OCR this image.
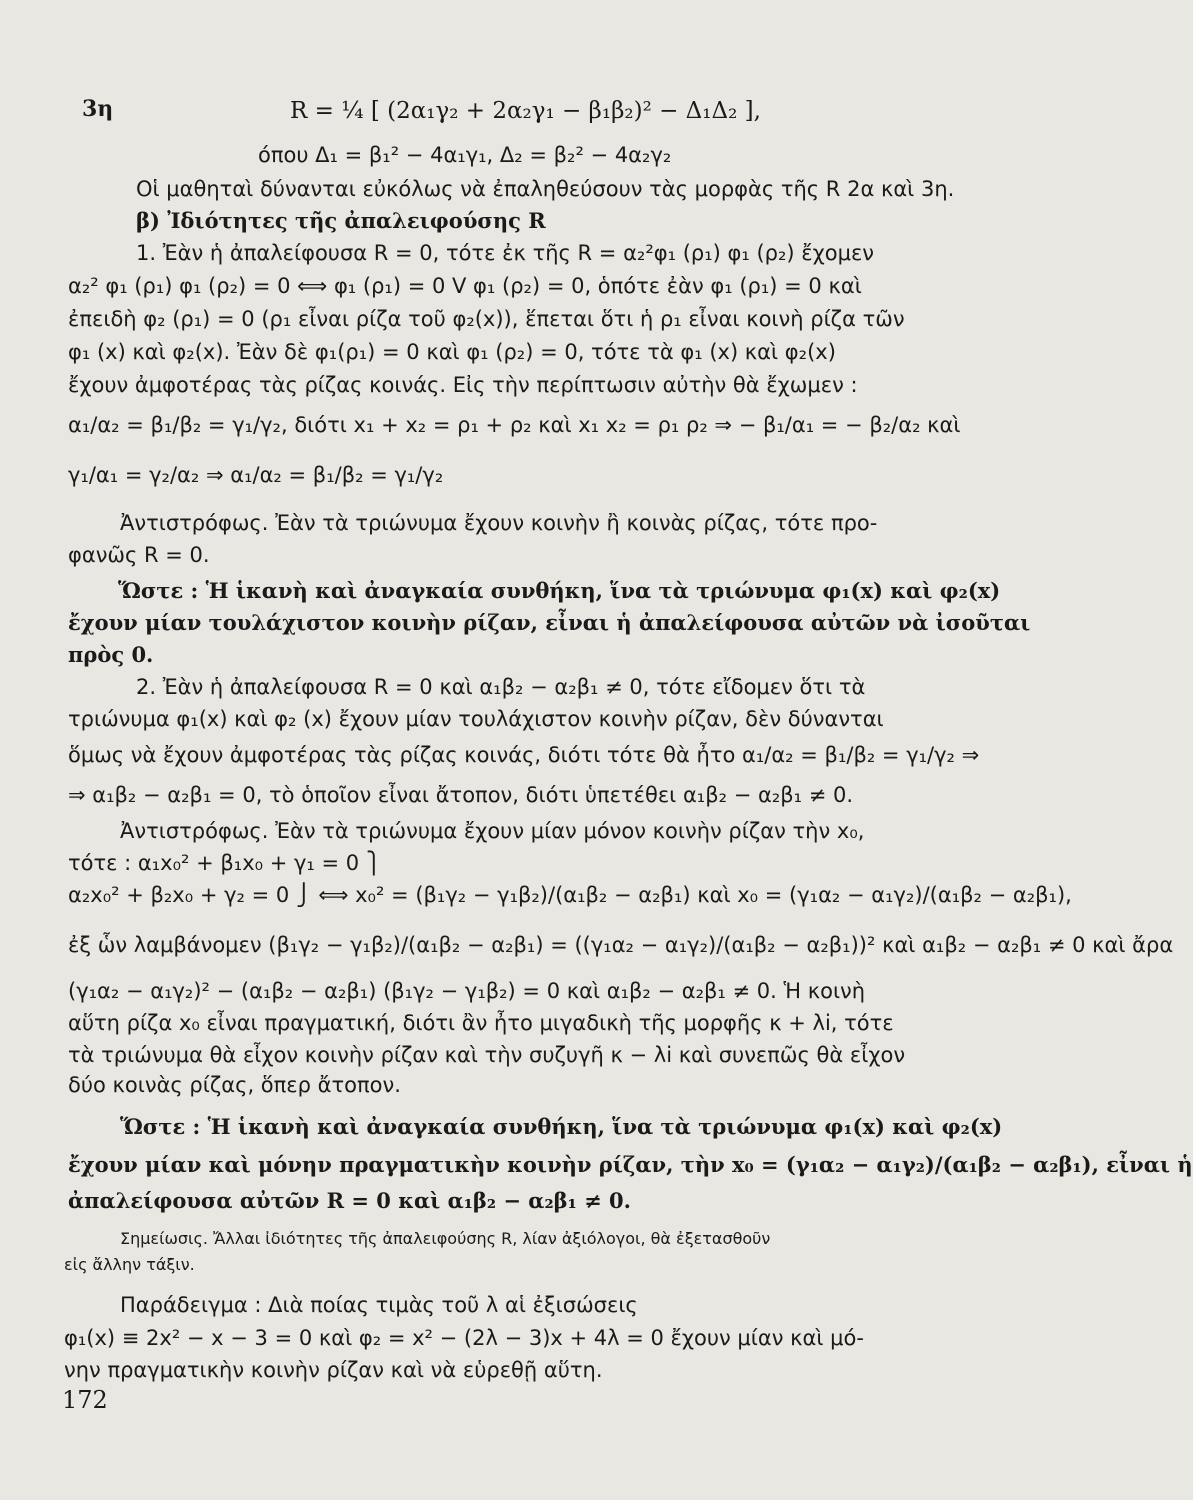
3η	R = ¼ [ (2α₁γ₂ + 2α₂γ₁ − β₁β₂)² − Δ₁Δ₂ ],
όπου Δ₁ = β₁² − 4α₁γ₁, Δ₂ = β₂² − 4α₂γ₂
Οἱ μαθηταὶ δύνανται εὐκόλως νὰ ἐπαληθεύσουν τὰς μορφὰς τῆς R 2α καὶ 3η.
β) Ἰδιότητες τῆς ἀπαλειφούσης R
1. Ἐὰν ἡ ἀπαλείφουσα R = 0, τότε ἐκ τῆς R = α₂²φ₁ (ρ₁) φ₁ (ρ₂) ἔχομεν
α₂² φ₁ (ρ₁) φ₁ (ρ₂) = 0 ⟺ φ₁ (ρ₁) = 0 V φ₁ (ρ₂) = 0, ὁπότε ἐὰν φ₁ (ρ₁) = 0 καὶ
ἐπειδὴ φ₂ (ρ₁) = 0 (ρ₁ εἶναι ρίζα τοῦ φ₂(x)), ἕπεται ὅτι ἡ ρ₁ εἶναι κοινὴ ρίζα τῶν
φ₁ (x) καὶ φ₂(x). Ἐὰν δὲ φ₁(ρ₁) = 0 καὶ φ₁ (ρ₂) = 0, τότε τὰ φ₁ (x) καὶ φ₂(x)
ἔχουν ἀμφοτέρας τὰς ρίζας κοινάς. Εἰς τὴν περίπτωσιν αὐτὴν θὰ ἔχωμεν :
α₁/α₂ = β₁/β₂ = γ₁/γ₂, διότι x₁ + x₂ = ρ₁ + ρ₂ καὶ x₁ x₂ = ρ₁ ρ₂ ⇒ − β₁/α₁ = − β₂/α₂ καὶ
γ₁/α₁ = γ₂/α₂ ⇒ α₁/α₂ = β₁/β₂ = γ₁/γ₂
Ἀντιστρόφως. Ἐὰν τὰ τριώνυμα ἔχουν κοινὴν ἢ κοινὰς ρίζας, τότε προ-
φανῶς R = 0.
Ὥστε : Ἡ ἱκανὴ καὶ ἀναγκαία συνθήκη, ἵνα τὰ τριώνυμα φ₁(x) καὶ φ₂(x)
ἔχουν μίαν τουλάχιστον κοινὴν ρίζαν, εἶναι ἡ ἀπαλείφουσα αὐτῶν νὰ ἰσοῦται
πρὸς 0.
2. Ἐὰν ἡ ἀπαλείφουσα R = 0 καὶ α₁β₂ − α₂β₁ ≠ 0, τότε εἴδομεν ὅτι τὰ
τριώνυμα φ₁(x) καὶ φ₂ (x) ἔχουν μίαν τουλάχιστον κοινὴν ρίζαν, δὲν δύνανται
ὅμως νὰ ἔχουν ἀμφοτέρας τὰς ρίζας κοινάς, διότι τότε θὰ ἦτο α₁/α₂ = β₁/β₂ = γ₁/γ₂ ⇒
⇒ α₁β₂ − α₂β₁ = 0, τὸ ὁποῖον εἶναι ἄτοπον, διότι ὑπετέθει α₁β₂ − α₂β₁ ≠ 0.
Ἀντιστρόφως. Ἐὰν τὰ τριώνυμα ἔχουν μίαν μόνον κοινὴν ρίζαν τὴν x₀,
τότε : α₁x₀² + β₁x₀ + γ₁ = 0 ⎫
α₂x₀² + β₂x₀ + γ₂ = 0 ⎭ ⟺ x₀² = (β₁γ₂ − γ₁β₂)/(α₁β₂ − α₂β₁) καὶ x₀ = (γ₁α₂ − α₁γ₂)/(α₁β₂ − α₂β₁),
ἐξ ὧν λαμβάνομεν (β₁γ₂ − γ₁β₂)/(α₁β₂ − α₂β₁) = ((γ₁α₂ − α₁γ₂)/(α₁β₂ − α₂β₁))² καὶ α₁β₂ − α₂β₁ ≠ 0 καὶ ἄρα
(γ₁α₂ − α₁γ₂)² − (α₁β₂ − α₂β₁) (β₁γ₂ − γ₁β₂) = 0 καὶ α₁β₂ − α₂β₁ ≠ 0. Ἡ κοινὴ
αὕτη ρίζα x₀ εἶναι πραγματική, διότι ἂν ἦτο μιγαδικὴ τῆς μορφῆς κ + λi, τότε
τὰ τριώνυμα θὰ εἶχον κοινὴν ρίζαν καὶ τὴν συζυγῆ κ − λi καὶ συνεπῶς θὰ εἶχον
δύο κοινὰς ρίζας, ὅπερ ἄτοπον.
Ὥστε : Ἡ ἱκανὴ καὶ ἀναγκαία συνθήκη, ἵνα τὰ τριώνυμα φ₁(x) καὶ φ₂(x)
ἔχουν μίαν καὶ μόνην πραγματικὴν κοινὴν ρίζαν, τὴν x₀ = (γ₁α₂ − α₁γ₂)/(α₁β₂ − α₂β₁), εἶναι ἡ
ἀπαλείφουσα αὐτῶν R = 0 καὶ α₁β₂ − α₂β₁ ≠ 0.
Σημείωσις. Ἄλλαι ἰδιότητες τῆς ἀπαλειφούσης R, λίαν ἀξιόλογοι, θὰ ἐξετασθοῦν
εἰς ἄλλην τάξιν.
Παράδειγμα : Διὰ ποίας τιμὰς τοῦ λ αἱ ἐξισώσεις
φ₁(x) ≡ 2x² − x − 3 = 0 καὶ φ₂ = x² − (2λ − 3)x + 4λ = 0 ἔχουν μίαν καὶ μό-
νην πραγματικὴν κοινὴν ρίζαν καὶ νὰ εὑρεθῇ αὕτη.
172
